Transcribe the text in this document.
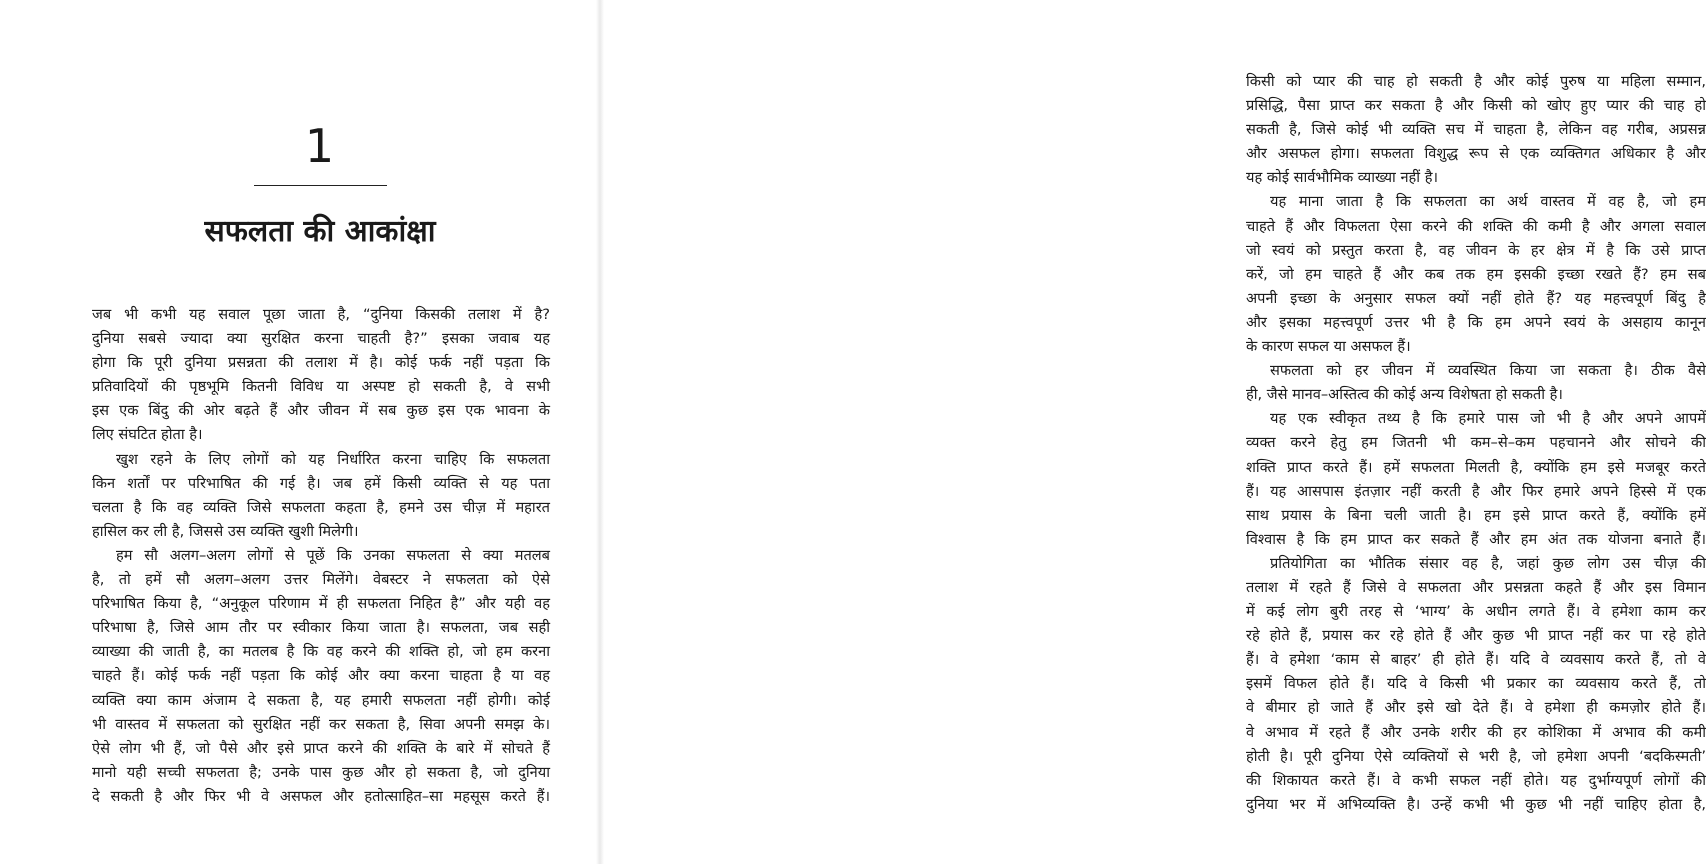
1
सफलता की आकांक्षा
जब भी कभी यह सवाल पूछा जाता है, “दुनिया किसकी तलाश में है?
दुनिया सबसे ज्यादा क्या सुरक्षित करना चाहती है?” इसका जवाब यह
होगा कि पूरी दुनिया प्रसन्नता की तलाश में है। कोई फर्क नहीं पड़ता कि
प्रतिवादियों की पृष्ठभूमि कितनी विविध या अस्पष्ट हो सकती है, वे सभी
इस एक बिंदु की ओर बढ़ते हैं और जीवन में सब कुछ इस एक भावना के
लिए संघटित होता है।
खुश रहने के लिए लोगों को यह निर्धारित करना चाहिए कि सफलता
किन शर्तों पर परिभाषित की गई है। जब हमें किसी व्यक्ति से यह पता
चलता है कि वह व्यक्ति जिसे सफलता कहता है, हमने उस चीज़ में महारत
हासिल कर ली है, जिससे उस व्यक्ति खुशी मिलेगी।
हम सौ अलग–अलग लोगों से पूछें कि उनका सफलता से क्या मतलब
है, तो हमें सौ अलग–अलग उत्तर मिलेंगे। वेबस्टर ने सफलता को ऐसे
परिभाषित किया है, “अनुकूल परिणाम में ही सफलता निहित है” और यही वह
परिभाषा है, जिसे आम तौर पर स्वीकार किया जाता है। सफलता, जब सही
व्याख्या की जाती है, का मतलब है कि वह करने की शक्ति हो, जो हम करना
चाहते हैं। कोई फर्क नहीं पड़ता कि कोई और क्या करना चाहता है या वह
व्यक्ति क्या काम अंजाम दे सकता है, यह हमारी सफलता नहीं होगी। कोई
भी वास्तव में सफलता को सुरक्षित नहीं कर सकता है, सिवा अपनी समझ के।
ऐसे लोग भी हैं, जो पैसे और इसे प्राप्त करने की शक्ति के बारे में सोचते हैं
मानो यही सच्ची सफलता है; उनके पास कुछ और हो सकता है, जो दुनिया
दे सकती है और फिर भी वे असफल और हतोत्साहित–सा महसूस करते हैं।
किसी को प्यार की चाह हो सकती है और कोई पुरुष या महिला सम्मान,
प्रसिद्धि, पैसा प्राप्त कर सकता है और किसी को खोए हुए प्यार की चाह हो
सकती है, जिसे कोई भी व्यक्ति सच में चाहता है, लेकिन वह गरीब, अप्रसन्न
और असफल होगा। सफलता विशुद्ध रूप से एक व्यक्तिगत अधिकार है और
यह कोई सार्वभौमिक व्याख्या नहीं है।
यह माना जाता है कि सफलता का अर्थ वास्तव में वह है, जो हम
चाहते हैं और विफलता ऐसा करने की शक्ति की कमी है और अगला सवाल
जो स्वयं को प्रस्तुत करता है, वह जीवन के हर क्षेत्र में है कि उसे प्राप्त
करें, जो हम चाहते हैं और कब तक हम इसकी इच्छा रखते हैं? हम सब
अपनी इच्छा के अनुसार सफल क्यों नहीं होते हैं? यह महत्त्वपूर्ण बिंदु है
और इसका महत्त्वपूर्ण उत्तर भी है कि हम अपने स्वयं के असहाय कानून
के कारण सफल या असफल हैं।
सफलता को हर जीवन में व्यवस्थित किया जा सकता है। ठीक वैसे
ही, जैसे मानव–अस्तित्व की कोई अन्य विशेषता हो सकती है।
यह एक स्वीकृत तथ्य है कि हमारे पास जो भी है और अपने आपमें
व्यक्त करने हेतु हम जितनी भी कम–से–कम पहचानने और सोचने की
शक्ति प्राप्त करते हैं। हमें सफलता मिलती है, क्योंकि हम इसे मजबूर करते
हैं। यह आसपास इंतज़ार नहीं करती है और फिर हमारे अपने हिस्से में एक
साथ प्रयास के बिना चली जाती है। हम इसे प्राप्त करते हैं, क्योंकि हमें
विश्वास है कि हम प्राप्त कर सकते हैं और हम अंत तक योजना बनाते हैं।
प्रतियोगिता का भौतिक संसार वह है, जहां कुछ लोग उस चीज़ की
तलाश में रहते हैं जिसे वे सफलता और प्रसन्नता कहते हैं और इस विमान
में कई लोग बुरी तरह से ‘भाग्य’ के अधीन लगते हैं। वे हमेशा काम कर
रहे होते हैं, प्रयास कर रहे होते हैं और कुछ भी प्राप्त नहीं कर पा रहे होते
हैं। वे हमेशा ‘काम से बाहर’ ही होते हैं। यदि वे व्यवसाय करते हैं, तो वे
इसमें विफल होते हैं। यदि वे किसी भी प्रकार का व्यवसाय करते हैं, तो
वे बीमार हो जाते हैं और इसे खो देते हैं। वे हमेशा ही कमज़ोर होते हैं।
वे अभाव में रहते हैं और उनके शरीर की हर कोशिका में अभाव की कमी
होती है। पूरी दुनिया ऐसे व्यक्तियों से भरी है, जो हमेशा अपनी ‘बदकिस्मती’
की शिकायत करते हैं। वे कभी सफल नहीं होते। यह दुर्भाग्यपूर्ण लोगों की
दुनिया भर में अभिव्यक्ति है। उन्हें कभी भी कुछ भी नहीं चाहिए होता है,
